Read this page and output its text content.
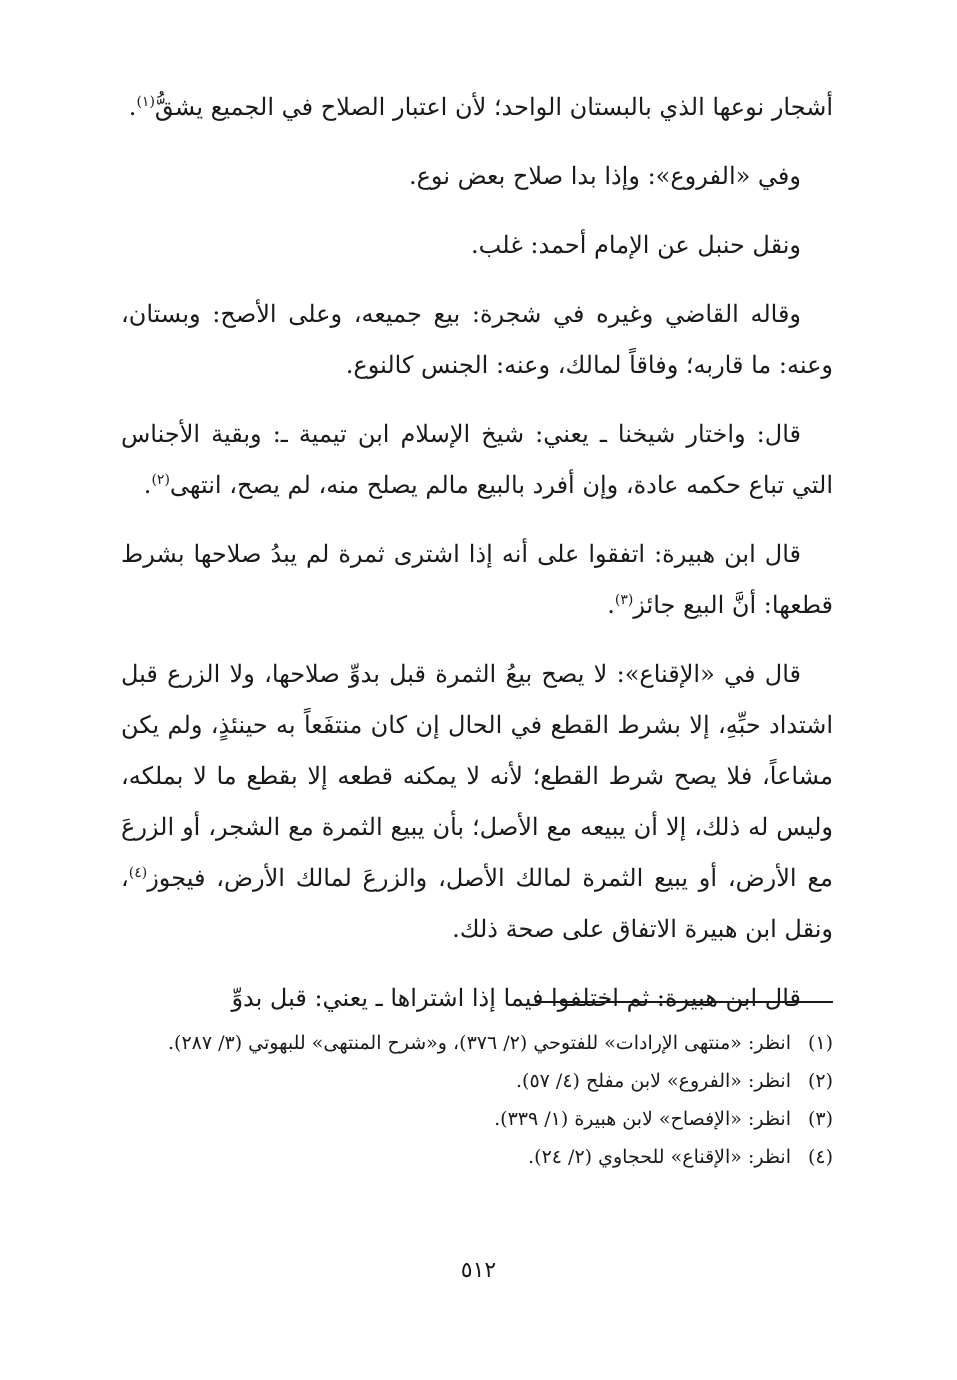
أشجار نوعها الذي بالبستان الواحد؛ لأن اعتبار الصلاح في الجميع يشقُّ$^{(١)}$.

وفي «الفروع»: وإذا بدا صلاح بعض نوع.

ونقل حنبل عن الإمام أحمد: غلب.

وقاله القاضي وغيره في شجرة: بيع جميعه، وعلى الأصح: وبستان، وعنه: ما قاربه؛ وفاقاً لمالك، وعنه: الجنس كالنوع.

قال: واختار شيخنا ـ يعني: شيخ الإسلام ابن تيمية ـ: وبقية الأجناس التي تباع حكمه عادة، وإن أفرد بالبيع مالم يصلح منه، لم يصح، انتهى$^{(٢)}$.

قال ابن هبيرة: اتفقوا على أنه إذا اشترى ثمرة لم يبدُ صلاحها بشرط قطعها: أنَّ البيع جائز$^{(٣)}$.

قال في «الإقناع»: لا يصح بيعُ الثمرة قبل بدوِّ صلاحها، ولا الزرع قبل اشتداد حبِّهِ، إلا بشرط القطع في الحال إن كان منتفَعاً به حينئذٍ، ولم يكن مشاعاً، فلا يصح شرط القطع؛ لأنه لا يمكنه قطعه إلا بقطع ما لا بملكه، وليس له ذلك، إلا أن يبيعه مع الأصل؛ بأن يبيع الثمرة مع الشجر، أو الزرعَ مع الأرض، أو يبيع الثمرة لمالك الأصل، والزرعَ لمالك الأرض، فيجوز$^{(٤)}$، ونقل ابن هبيرة الاتفاق على صحة ذلك.

قال ابن هبيرة: ثم اختلفوا فيما إذا اشتراها ـ يعني: قبل بدوِّ

(١)
انظر: «منتهى الإرادات» للفتوحي (٢/ ٣٧٦)، و«شرح المنتهى» للبهوتي (٣/ ٢٨٧).
(٢)
انظر: «الفروع» لابن مفلح (٤/ ٥٧).
(٣)
انظر: «الإفصاح» لابن هبيرة (١/ ٣٣٩).
(٤)
انظر: «الإقناع» للحجاوي (٢/ ٢٤).
٥١٢
